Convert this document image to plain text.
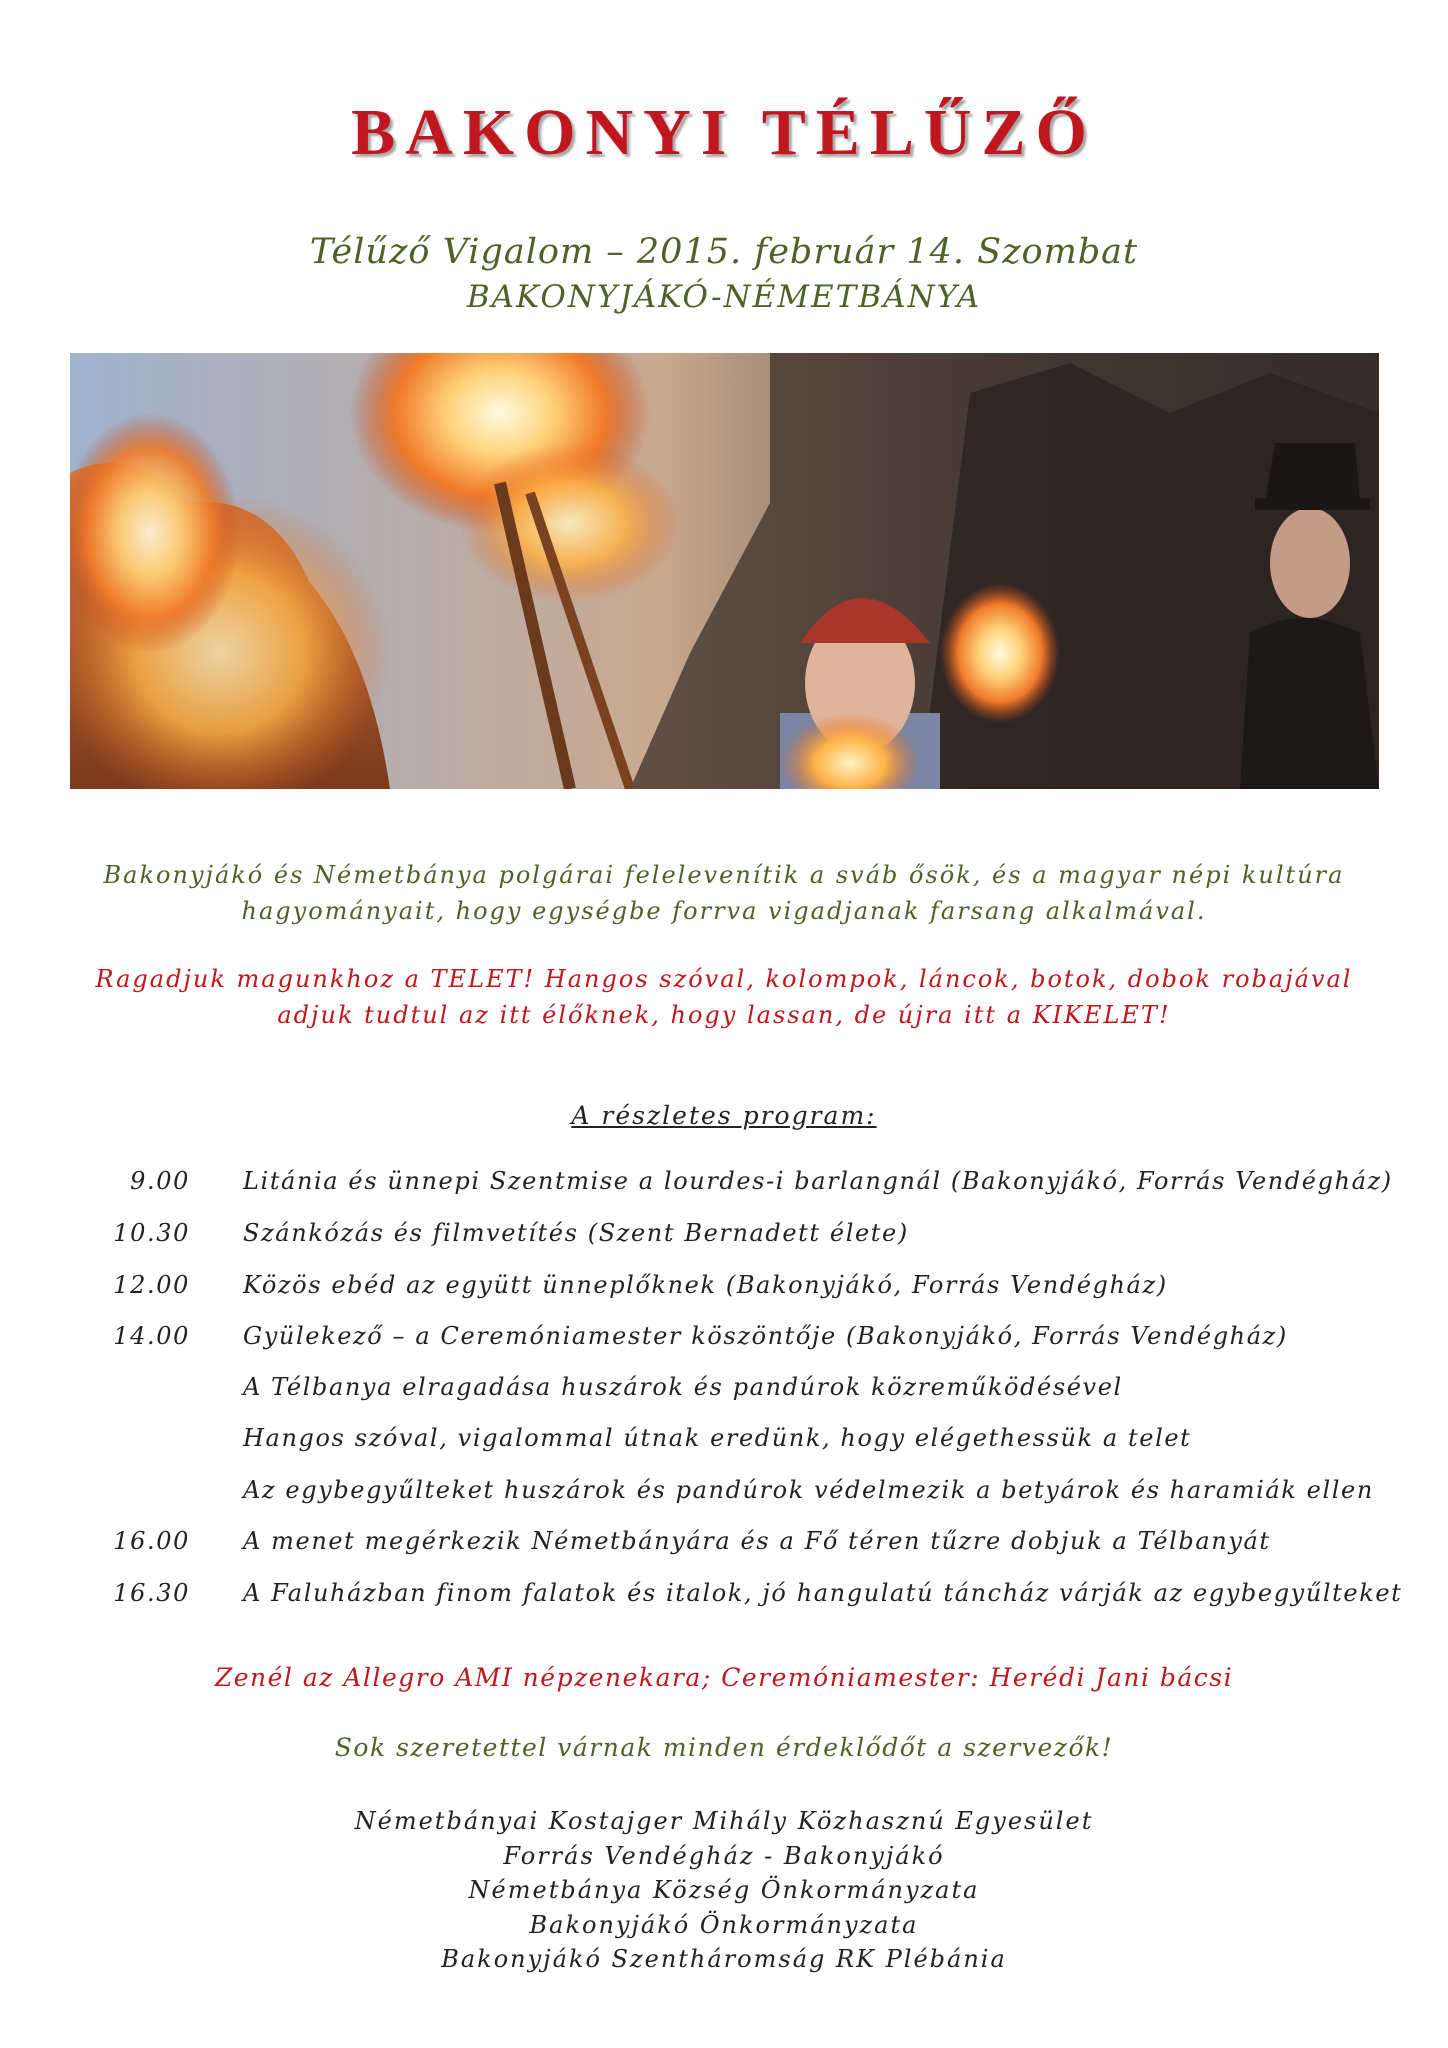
BAKONYI TÉLŰZŐ
Télűző Vigalom – 2015. február 14. Szombat
BAKONYJÁKÓ-NÉMETBÁNYA
Bakonyjákó és Németbánya polgárai felelevenítik a sváb ősök, és a magyar népi kultúra
hagyományait, hogy egységbe forrva vigadjanak farsang alkalmával.
Ragadjuk magunkhoz a TELET! Hangos szóval, kolompok, láncok, botok, dobok robajával
adjuk tudtul az itt élőknek, hogy lassan, de újra itt a KIKELET!
A részletes program:
9.00 Litánia és ünnepi Szentmise a lourdes-i barlangnál (Bakonyjákó, Forrás Vendégház)
10.30 Szánkózás és filmvetítés (Szent Bernadett élete)
12.00 Közös ebéd az együtt ünneplőknek (Bakonyjákó, Forrás Vendégház)
14.00 Gyülekező – a Ceremóniamester köszöntője (Bakonyjákó, Forrás Vendégház)
A Télbanya elragadása huszárok és pandúrok közreműködésével
Hangos szóval, vigalommal útnak eredünk, hogy elégethessük a telet
Az egybegyűlteket huszárok és pandúrok védelmezik a betyárok és haramiák ellen
16.00 A menet megérkezik Németbányára és a Fő téren tűzre dobjuk a Télbanyát
16.30 A Faluházban finom falatok és italok, jó hangulatú táncház várják az egybegyűlteket
Zenél az Allegro AMI népzenekara; Ceremóniamester: Herédi Jani bácsi
Sok szeretettel várnak minden érdeklődőt a szervezők!
Németbányai Kostajger Mihály Közhasznú Egyesület
Forrás Vendégház - Bakonyjákó
Németbánya Község Önkormányzata
Bakonyjákó Önkormányzata
Bakonyjákó Szentháromság RK Plébánia
